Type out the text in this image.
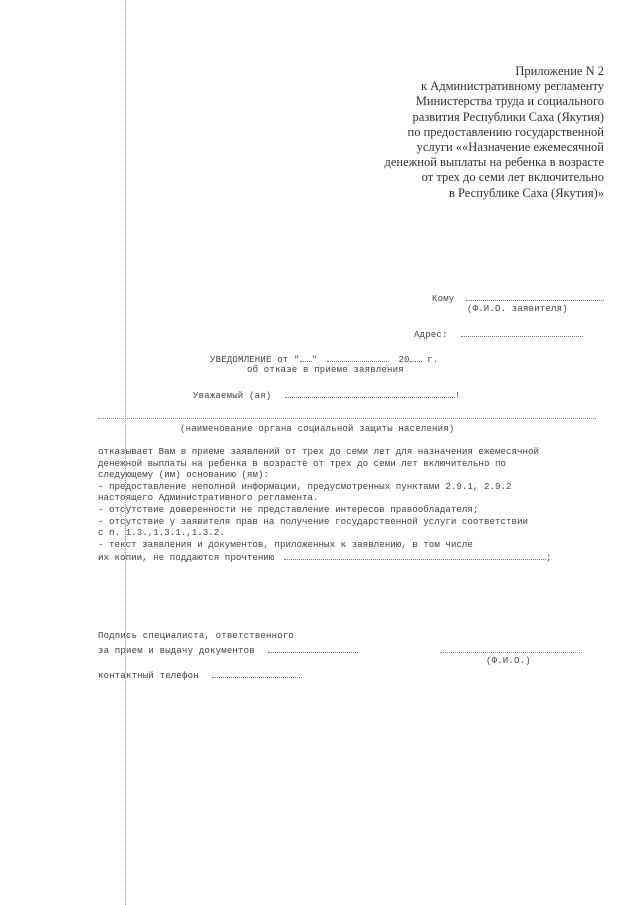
Приложение N 2
к Административному регламенту
Министерства труда и социального
развития Республики Саха (Якутия)
по предоставлению государственной
услуги ««Назначение ежемесячной
денежной выплаты на ребенка в возрасте
от трех до семи лет включительно
в Республике Саха (Якутия)»
Кому
(Ф.И.О. заявителя)
Адрес:
УВЕДОМЛЕНИЕ от " "	20 г.
об отказе в приеме заявления
Уважаемый (ая)	!
(наименование органа социальной защиты населения)
отказывает Вам в приеме заявлений от трех до семи лет для назначения ежемесячной
денежной выплаты на ребенка в возрасте от трех до семи лет включительно по
следующему (им) основанию (ям):
- предоставление неполной информации, предусмотренных пунктами 2.9.1, 2.9.2
настоящего Административного регламента.
- отсутствие доверенности не представление интересов правообладателя;
- отсутствие у заявителя прав на получение государственной услуги соответствии
с п. 1.3.,1.3.1.,1.3.2.
- текст заявления и документов, приложенных к заявлению, в том числе
их копии, не поддаются прочтению	;
Подпись специалиста, ответственного
за прием и выдачу документов
(Ф.И.О.)
контактный телефон
